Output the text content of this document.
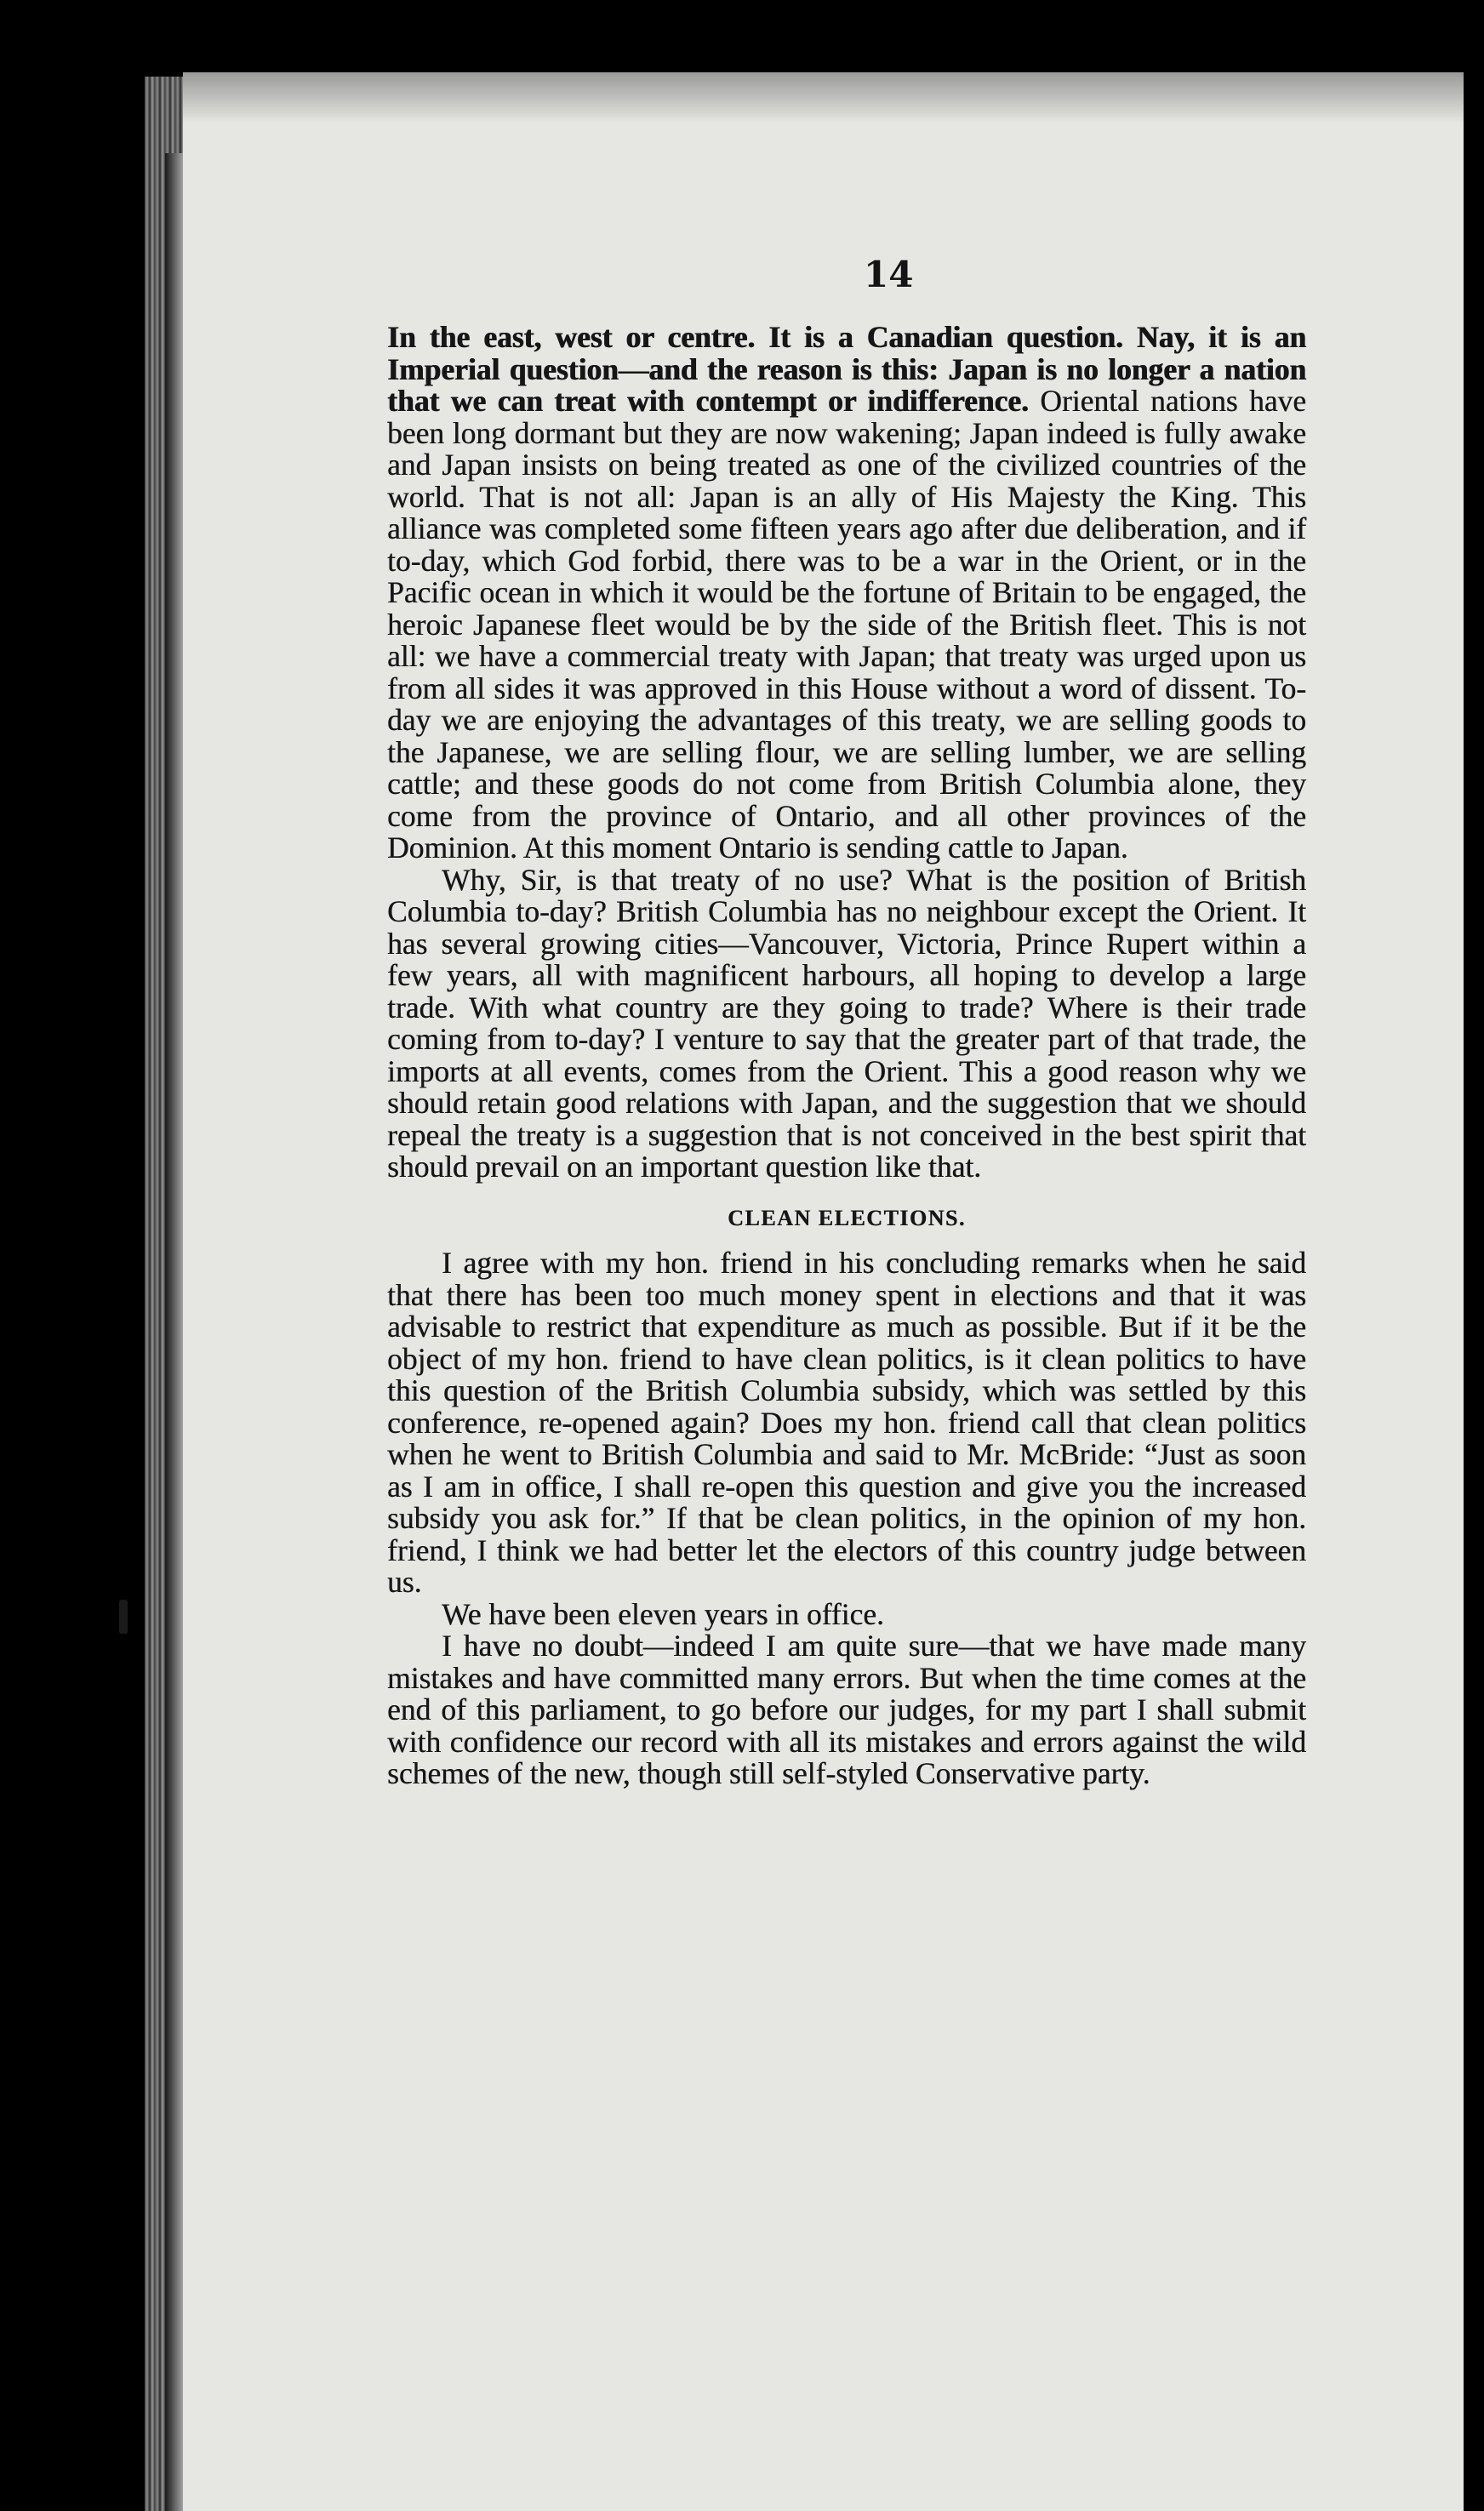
14

In the east, west or centre. It is a Canadian question. Nay, it is an Imperial question—and the reason is this: Japan is no longer a nation that we can treat with contempt or indifference. Oriental nations have been long dormant but they are now wakening; Japan indeed is fully awake and Japan insists on being treated as one of the civilized countries of the world. That is not all: Japan is an ally of His Majesty the King. This alliance was completed some fifteen years ago after due deliberation, and if to-day, which God forbid, there was to be a war in the Orient, or in the Pacific ocean in which it would be the fortune of Britain to be engaged, the heroic Japanese fleet would be by the side of the British fleet. This is not all: we have a commercial treaty with Japan; that treaty was urged upon us from all sides it was approved in this House without a word of dissent. To-day we are enjoying the advantages of this treaty, we are selling goods to the Japanese, we are selling flour, we are selling lumber, we are selling cattle; and these goods do not come from British Columbia alone, they come from the province of Ontario, and all other provinces of the Dominion. At this moment Ontario is sending cattle to Japan.

Why, Sir, is that treaty of no use? What is the position of British Columbia to-day? British Columbia has no neighbour except the Orient. It has several growing cities—Vancouver, Victoria, Prince Rupert within a few years, all with magnificent harbours, all hoping to develop a large trade. With what country are they going to trade? Where is their trade coming from to-day? I venture to say that the greater part of that trade, the imports at all events, comes from the Orient. This a good reason why we should retain good relations with Japan, and the suggestion that we should repeal the treaty is a suggestion that is not conceived in the best spirit that should prevail on an important question like that.

CLEAN ELECTIONS.

I agree with my hon. friend in his concluding remarks when he said that there has been too much money spent in elections and that it was advisable to restrict that expenditure as much as possible. But if it be the object of my hon. friend to have clean politics, is it clean politics to have this question of the British Columbia subsidy, which was settled by this conference, re-opened again? Does my hon. friend call that clean politics when he went to British Columbia and said to Mr. McBride: “Just as soon as I am in office, I shall re-open this question and give you the increased subsidy you ask for.” If that be clean politics, in the opinion of my hon. friend, I think we had better let the electors of this country judge between us.

We have been eleven years in office.

I have no doubt—indeed I am quite sure—that we have made many mistakes and have committed many errors. But when the time comes at the end of this parliament, to go before our judges, for my part I shall submit with confidence our record with all its mistakes and errors against the wild schemes of the new, though still self-styled Conservative party.
